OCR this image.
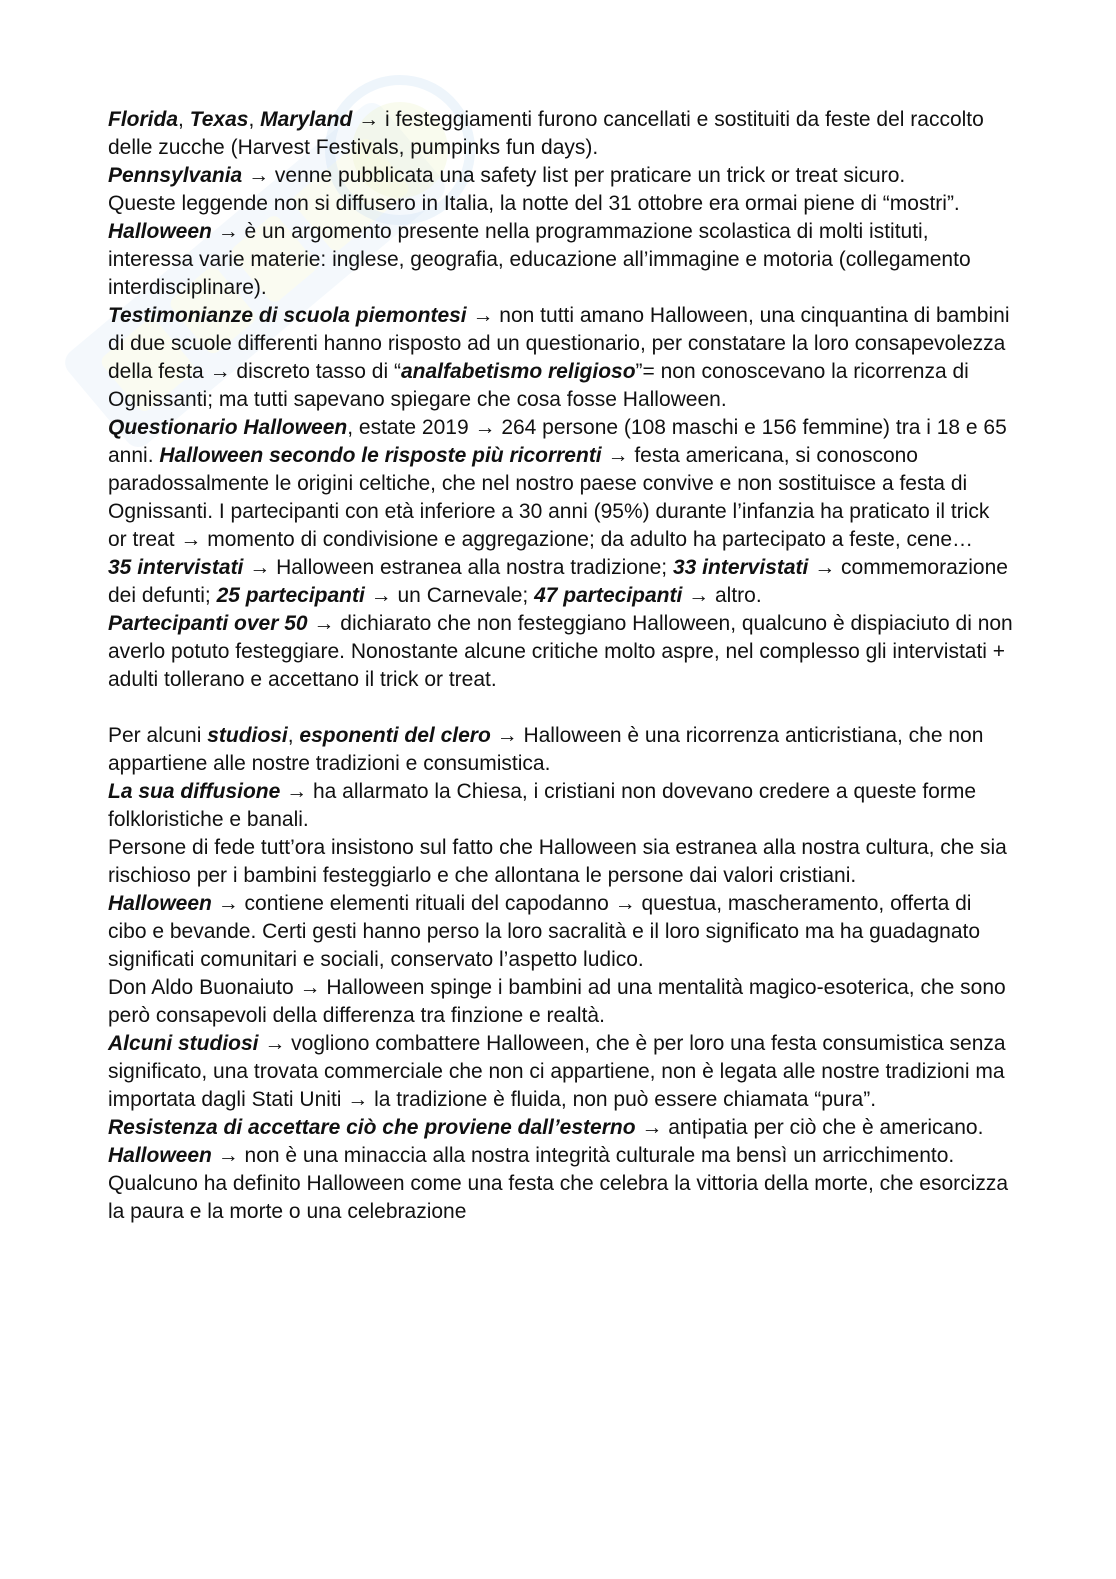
Florida, Texas, Maryland → i festeggiamenti furono cancellati e sostituiti da feste del raccolto delle zucche (Harvest Festivals, pumpinks fun days).

Pennsylvania → venne pubblicata una safety list per praticare un trick or treat sicuro.

Queste leggende non si diffusero in Italia, la notte del 31 ottobre era ormai piene di “mostri”. Halloween → è un argomento presente nella programmazione scolastica di molti istituti, interessa varie materie: inglese, geografia, educazione all’immagine e motoria (collegamento interdisciplinare).

Testimonianze di scuola piemontesi → non tutti amano Halloween, una cinquantina di bambini di due scuole differenti hanno risposto ad un questionario, per constatare la loro consapevolezza della festa → discreto tasso di “analfabetismo religioso”= non conoscevano la ricorrenza di Ognissanti; ma tutti sapevano spiegare che cosa fosse Halloween.

Questionario Halloween, estate 2019 → 264 persone (108 maschi e 156 femmine) tra i 18 e 65 anni. Halloween secondo le risposte più ricorrenti → festa americana, si conoscono paradossalmente le origini celtiche, che nel nostro paese convive e non sostituisce a festa di Ognissanti. I partecipanti con età inferiore a 30 anni (95%) durante l’infanzia ha praticato il trick or treat → momento di condivisione e aggregazione; da adulto ha partecipato a feste, cene…

35 intervistati → Halloween estranea alla nostra tradizione; 33 intervistati → commemorazione dei defunti; 25 partecipanti → un Carnevale; 47 partecipanti → altro.

Partecipanti over 50 → dichiarato che non festeggiano Halloween, qualcuno è dispiaciuto di non averlo potuto festeggiare. Nonostante alcune critiche molto aspre, nel complesso gli intervistati + adulti tollerano e accettano il trick or treat.

Per alcuni studiosi, esponenti del clero → Halloween è una ricorrenza anticristiana, che non appartiene alle nostre tradizioni e consumistica.

La sua diffusione → ha allarmato la Chiesa, i cristiani non dovevano credere a queste forme folkloristiche e banali.

Persone di fede tutt’ora insistono sul fatto che Halloween sia estranea alla nostra cultura, che sia rischioso per i bambini festeggiarlo e che allontana le persone dai valori cristiani.

Halloween → contiene elementi rituali del capodanno → questua, mascheramento, offerta di cibo e bevande. Certi gesti hanno perso la loro sacralità e il loro significato ma ha guadagnato significati comunitari e sociali, conservato l’aspetto ludico.

Don Aldo Buonaiuto → Halloween spinge i bambini ad una mentalità magico-esoterica, che sono però consapevoli della differenza tra finzione e realtà.

Alcuni studiosi → vogliono combattere Halloween, che è per loro una festa consumistica senza significato, una trovata commerciale che non ci appartiene, non è legata alle nostre tradizioni ma importata dagli Stati Uniti → la tradizione è fluida, non può essere chiamata “pura”.

Resistenza di accettare ciò che proviene dall’esterno → antipatia per ciò che è americano.

Halloween → non è una minaccia alla nostra integrità culturale ma bensì un arricchimento. Qualcuno ha definito Halloween come una festa che celebra la vittoria della morte, che esorcizza la paura e la morte o una celebrazione
